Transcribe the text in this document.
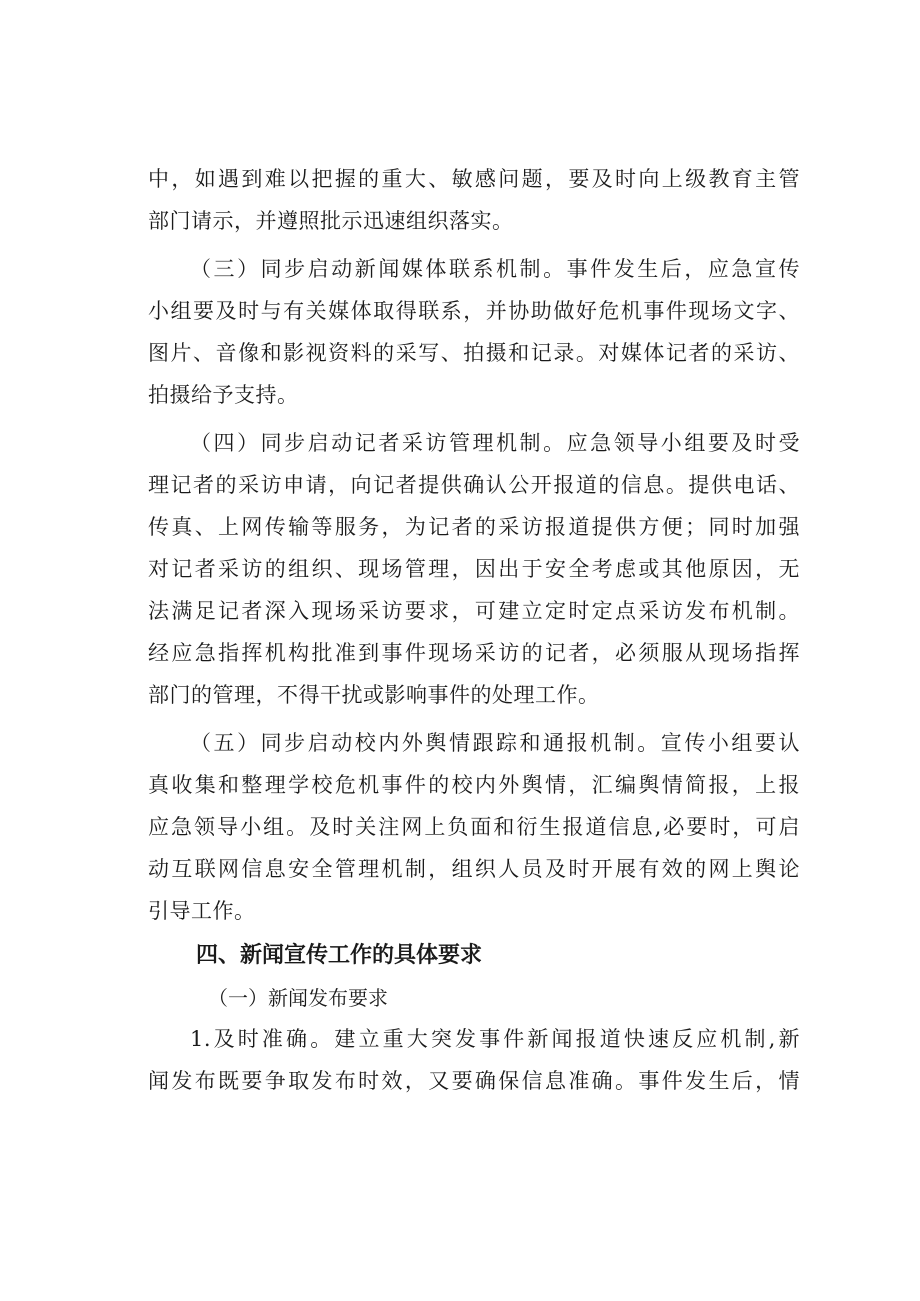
中，如遇到难以把握的重大、敏感问题，要及时向上级教育主管
部门请示，并遵照批示迅速组织落实。
（三）同步启动新闻媒体联系机制。事件发生后，应急宣传
小组要及时与有关媒体取得联系，并协助做好危机事件现场文字、
图片、音像和影视资料的采写、拍摄和记录。对媒体记者的采访、
拍摄给予支持。
（四）同步启动记者采访管理机制。应急领导小组要及时受
理记者的采访申请，向记者提供确认公开报道的信息。提供电话、
传真、上网传输等服务，为记者的采访报道提供方便；同时加强
对记者采访的组织、现场管理，因出于安全考虑或其他原因，无
法满足记者深入现场采访要求，可建立定时定点采访发布机制。
经应急指挥机构批准到事件现场采访的记者，必须服从现场指挥
部门的管理，不得干扰或影响事件的处理工作。
（五）同步启动校内外舆情跟踪和通报机制。宣传小组要认
真收集和整理学校危机事件的校内外舆情，汇编舆情简报，上报
应急领导小组。及时关注网上负面和衍生报道信息,必要时，可启
动互联网信息安全管理机制，组织人员及时开展有效的网上舆论
引导工作。
四、新闻宣传工作的具体要求
（一）新闻发布要求
1.及时准确。建立重大突发事件新闻报道快速反应机制,新
闻发布既要争取发布时效，又要确保信息准确。事件发生后，情
